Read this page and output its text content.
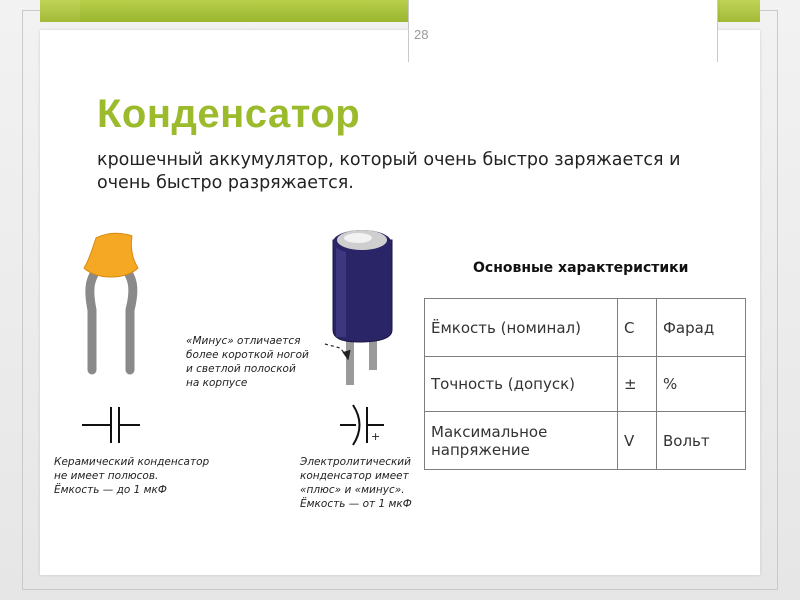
28
Конденсатор
крошечный аккумулятор, который очень быстро заряжается и очень быстро разряжается.
+
Керамический конденсатор
не имеет полюсов.
Ёмкость — до 1 мкФ
«Минус» отличается
более короткой ногой
и светлой полоской
на корпусе
Электролитический
конденсатор имеет
«плюс» и «минус».
Ёмкость — от 1 мкФ
Основные характеристики
Ёмкость (номинал)	C	Фарад
Точность (допуск)	±	%
Максимальное напряжение	V	Вольт
